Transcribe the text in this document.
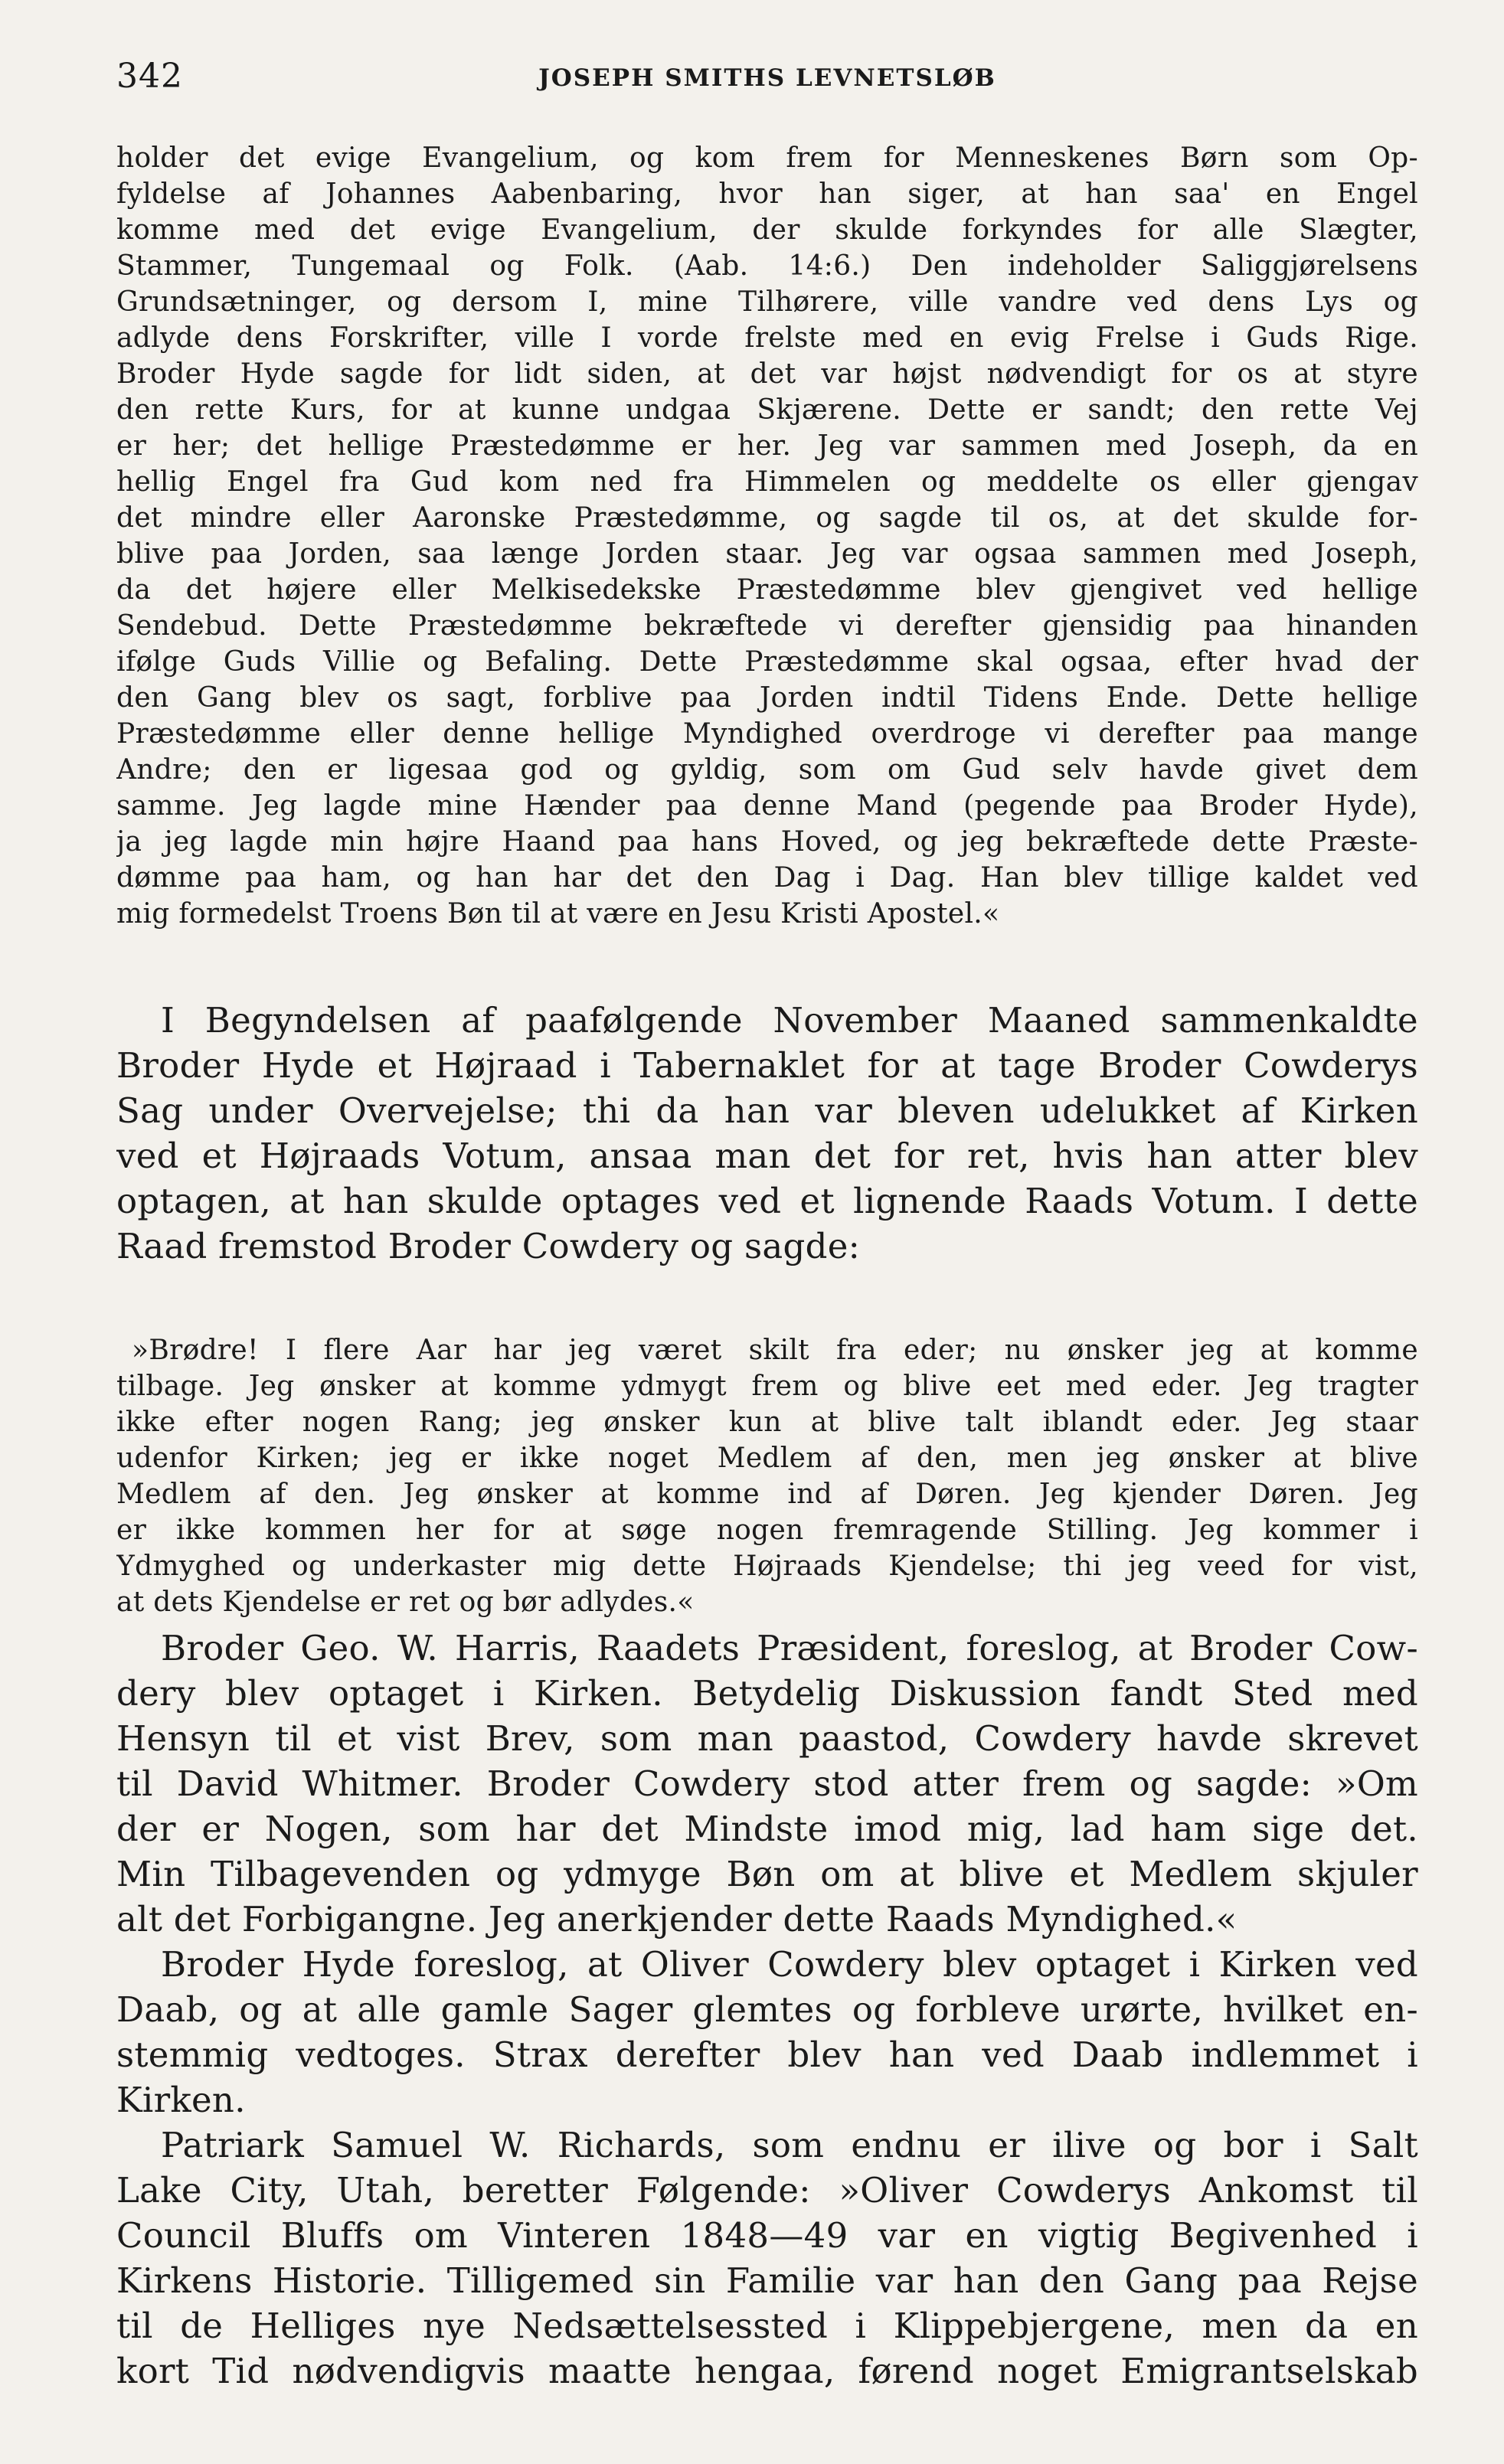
342	JOSEPH SMITHS LEVNETSLØB
holder det evige Evangelium, og kom frem for Menneskenes Børn som Op-
fyldelse af Johannes Aabenbaring, hvor han siger, at han saa' en Engel
komme med det evige Evangelium, der skulde forkyndes for alle Slægter,
Stammer, Tungemaal og Folk. (Aab. 14:6.) Den indeholder Saliggjørelsens
Grundsætninger, og dersom I, mine Tilhørere, ville vandre ved dens Lys og
adlyde dens Forskrifter, ville I vorde frelste med en evig Frelse i Guds Rige.
Broder Hyde sagde for lidt siden, at det var højst nødvendigt for os at styre
den rette Kurs, for at kunne undgaa Skjærene. Dette er sandt; den rette Vej
er her; det hellige Præstedømme er her. Jeg var sammen med Joseph, da en
hellig Engel fra Gud kom ned fra Himmelen og meddelte os eller gjengav
det mindre eller Aaronske Præstedømme, og sagde til os, at det skulde for-
blive paa Jorden, saa længe Jorden staar. Jeg var ogsaa sammen med Joseph,
da det højere eller Melkisedekske Præstedømme blev gjengivet ved hellige
Sendebud. Dette Præstedømme bekræftede vi derefter gjensidig paa hinanden
ifølge Guds Villie og Befaling. Dette Præstedømme skal ogsaa, efter hvad der
den Gang blev os sagt, forblive paa Jorden indtil Tidens Ende. Dette hellige
Præstedømme eller denne hellige Myndighed overdroge vi derefter paa mange
Andre; den er ligesaa god og gyldig, som om Gud selv havde givet dem
samme. Jeg lagde mine Hænder paa denne Mand (pegende paa Broder Hyde),
ja jeg lagde min højre Haand paa hans Hoved, og jeg bekræftede dette Præste-
dømme paa ham, og han har det den Dag i Dag. Han blev tillige kaldet ved
mig formedelst Troens Bøn til at være en Jesu Kristi Apostel.«
I Begyndelsen af paafølgende November Maaned sammenkaldte
Broder Hyde et Højraad i Tabernaklet for at tage Broder Cowderys
Sag under Overvejelse; thi da han var bleven udelukket af Kirken
ved et Højraads Votum, ansaa man det for ret, hvis han atter blev
optagen, at han skulde optages ved et lignende Raads Votum. I dette
Raad fremstod Broder Cowdery og sagde:
»Brødre! I flere Aar har jeg været skilt fra eder; nu ønsker jeg at komme
tilbage. Jeg ønsker at komme ydmygt frem og blive eet med eder. Jeg tragter
ikke efter nogen Rang; jeg ønsker kun at blive talt iblandt eder. Jeg staar
udenfor Kirken; jeg er ikke noget Medlem af den, men jeg ønsker at blive
Medlem af den. Jeg ønsker at komme ind af Døren. Jeg kjender Døren. Jeg
er ikke kommen her for at søge nogen fremragende Stilling. Jeg kommer i
Ydmyghed og underkaster mig dette Højraads Kjendelse; thi jeg veed for vist,
at dets Kjendelse er ret og bør adlydes.«
Broder Geo. W. Harris, Raadets Præsident, foreslog, at Broder Cow-
dery blev optaget i Kirken. Betydelig Diskussion fandt Sted med
Hensyn til et vist Brev, som man paastod, Cowdery havde skrevet
til David Whitmer. Broder Cowdery stod atter frem og sagde: »Om
der er Nogen, som har det Mindste imod mig, lad ham sige det.
Min Tilbagevenden og ydmyge Bøn om at blive et Medlem skjuler
alt det Forbigangne. Jeg anerkjender dette Raads Myndighed.«
Broder Hyde foreslog, at Oliver Cowdery blev optaget i Kirken ved
Daab, og at alle gamle Sager glemtes og forbleve urørte, hvilket en-
stemmig vedtoges. Strax derefter blev han ved Daab indlemmet i
Kirken.
Patriark Samuel W. Richards, som endnu er ilive og bor i Salt
Lake City, Utah, beretter Følgende: »Oliver Cowderys Ankomst til
Council Bluffs om Vinteren 1848—49 var en vigtig Begivenhed i
Kirkens Historie. Tilligemed sin Familie var han den Gang paa Rejse
til de Helliges nye Nedsættelsessted i Klippebjergene, men da en
kort Tid nødvendigvis maatte hengaa, førend noget Emigrantselskab
